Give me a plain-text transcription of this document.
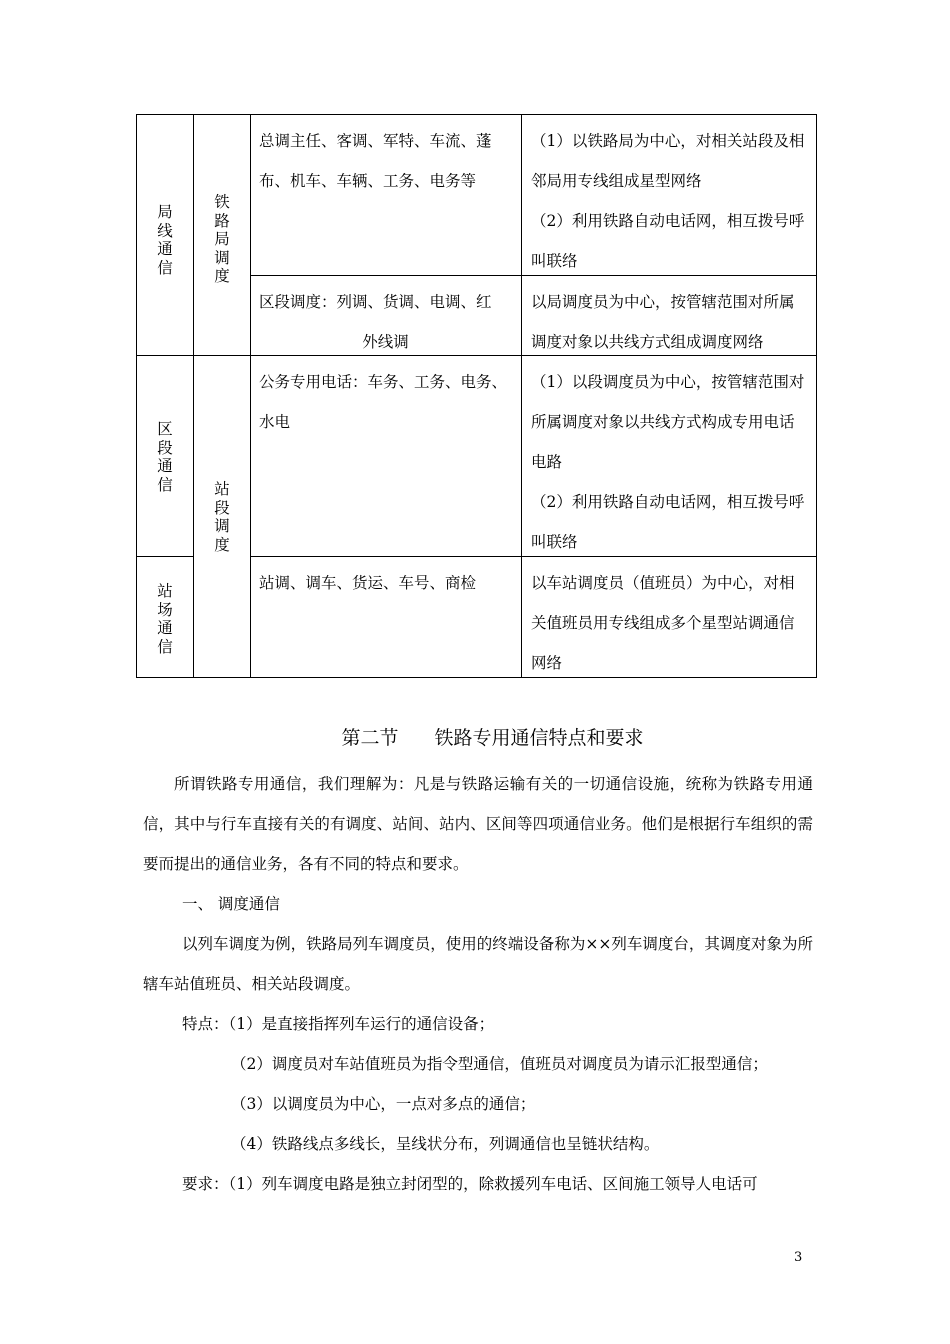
局线通信
区段通信
站场通信
铁路局调度
站段调度
总调主任、客调、军特、车流、蓬布、机车、车辆、工务、电务等
（1）以铁路局为中心，对相关站段及相邻局用专线组成星型网络
（2）利用铁路自动电话网，相互拨号呼叫联络
区段调度：列调、货调、电调、红
外线调
以局调度员为中心，按管辖范围对所属调度对象以共线方式组成调度网络
公务专用电话：车务、工务、电务、水电
（1）以段调度员为中心，按管辖范围对所属调度对象以共线方式构成专用电话电路
（2）利用铁路自动电话网，相互拨号呼叫联络
站调、调车、货运、车号、商检	以车站调度员（值班员）为中心，对相关值班员用专线组成多个星型站调通信网络
第二节 铁路专用通信特点和要求
所谓铁路专用通信，我们理解为：凡是与铁路运输有关的一切通信设施，统称为铁路专用通信，其中与行车直接有关的有调度、站间、站内、区间等四项通信业务。他们是根据行车组织的需要而提出的通信业务，各有不同的特点和要求。
一、 调度通信
以列车调度为例，铁路局列车调度员，使用的终端设备称为××列车调度台，其调度对象为所辖车站值班员、相关站段调度。
特点：（1）是直接指挥列车运行的通信设备；
（2）调度员对车站值班员为指令型通信，值班员对调度员为请示汇报型通信；
（3）以调度员为中心，一点对多点的通信；
（4）铁路线点多线长，呈线状分布，列调通信也呈链状结构。
要求：（1）列车调度电路是独立封闭型的，除救援列车电话、区间施工领导人电话可
3
